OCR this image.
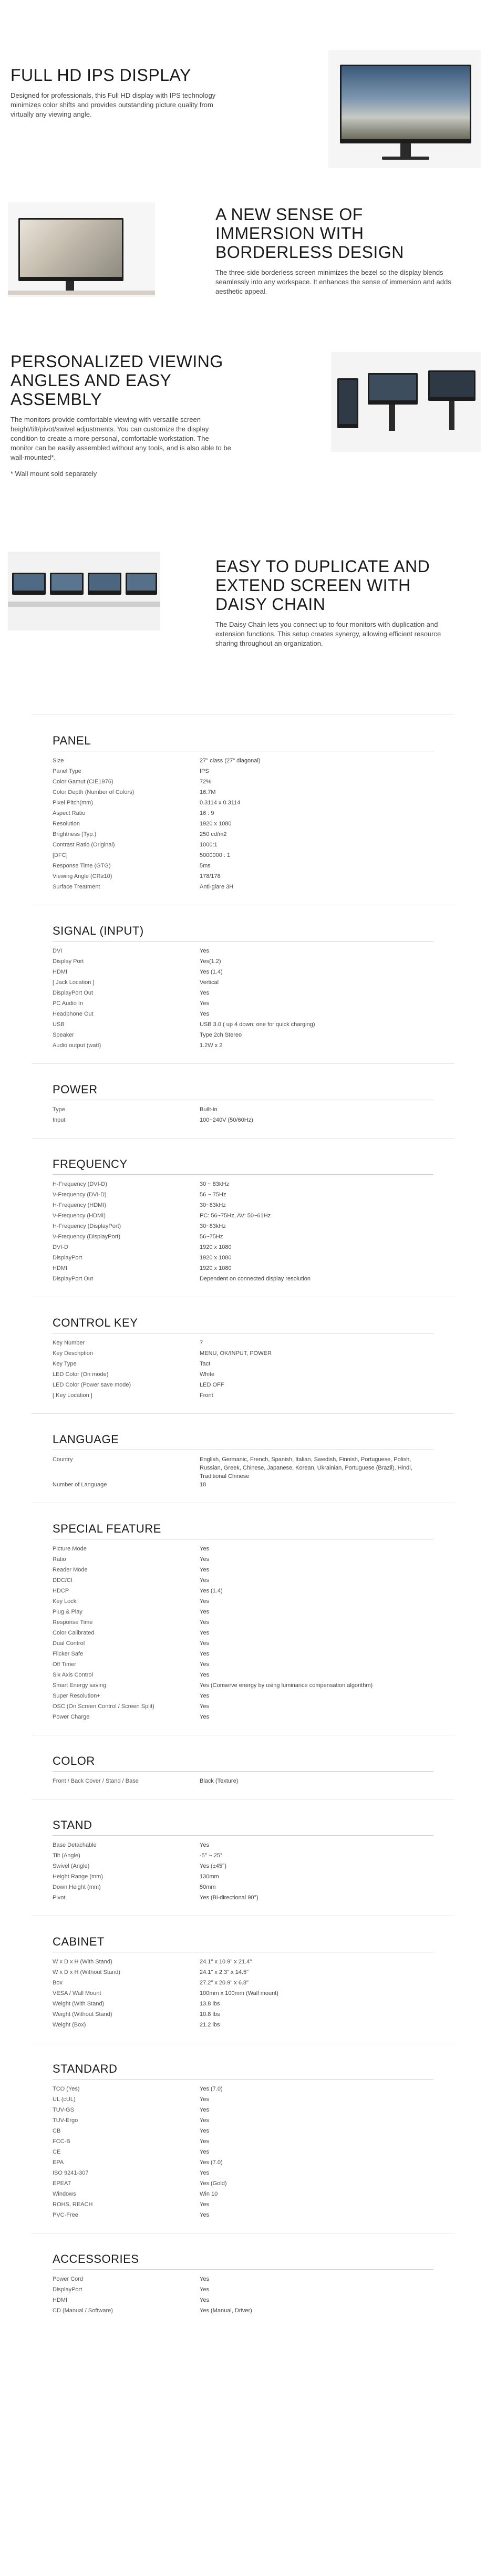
FULL HD IPS DISPLAY

Designed for professionals, this Full HD display with IPS technology minimizes color shifts and provides outstanding picture quality from virtually any viewing angle.

A NEW SENSE OF IMMERSION WITH BORDERLESS DESIGN

The three-side borderless screen minimizes the bezel so the display blends seamlessly into any workspace. It enhances the sense of immersion and adds aesthetic appeal.

PERSONALIZED VIEWING ANGLES AND EASY ASSEMBLY

The monitors provide comfortable viewing with versatile screen height/tilt/pivot/swivel adjustments. You can customize the display condition to create a more personal, comfortable workstation. The monitor can be easily assembled without any tools, and is also able to be wall-mounted*.

* Wall mount sold separately
EASY TO DUPLICATE AND EXTEND SCREEN WITH DAISY CHAIN

The Daisy Chain lets you connect up to four monitors with duplication and extension functions. This setup creates synergy, allowing efficient resource sharing throughout an organization.

PANEL
Size	27" class (27" diagonal)
Panel Type	IPS
Color Gamut (CIE1976)	72%
Color Depth (Number of Colors)	16.7M
Pixel Pitch(mm)	0.3114 x 0.3114
Aspect Ratio	16 : 9
Resolution	1920 x 1080
Brightness (Typ.)	250 cd/m2
Contrast Ratio (Original)	1000:1
[DFC]	5000000 : 1
Response Time (GTG)	5ms
Viewing Angle (CR≥10)	178/178
Surface Treatment	Anti-glare 3H
SIGNAL (INPUT)
DVI	Yes
Display Port	Yes(1.2)
HDMI	Yes (1.4)
[ Jack Location ]	Vertical
DisplayPort Out	Yes
PC Audio In	Yes
Headphone Out	Yes
USB	USB 3.0 ( up 4 down: one for quick charging)
Speaker	Type 2ch Stereo
Audio output (watt)	1.2W x 2
POWER
Type	Built-in
Input	100~240V (50/60Hz)
FREQUENCY
H-Frequency (DVI-D)	30 ~ 83kHz
V-Frequency (DVI-D)	56 ~ 75Hz
H-Frequency (HDMI)	30~83kHz
V-Frequency (HDMI)	PC: 56~75Hz, AV: 50~61Hz
H-Frequency (DisplayPort)	30~83kHz
V-Frequency (DisplayPort)	56~75Hz
DVI-D	1920 x 1080
DisplayPort	1920 x 1080
HDMI	1920 x 1080
DisplayPort Out	Dependent on connected display resolution
CONTROL KEY
Key Number	7
Key Description	MENU, OK/INPUT, POWER
Key Type	Tact
LED Color (On mode)	White
LED Color (Power save mode)	LED OFF
[ Key Location ]	Front
LANGUAGE
Country	English, Germanic, French, Spanish, Italian, Swedish, Finnish, Portuguese, Polish, Russian, Greek, Chinese, Japanese, Korean, Ukrainian, Portuguese (Brazil), Hindi, Traditional Chinese
Number of Language	18
SPECIAL FEATURE
Picture Mode	Yes
Ratio	Yes
Reader Mode	Yes
DDC/CI	Yes
HDCP	Yes (1.4)
Key Lock	Yes
Plug & Play	Yes
Response Time	Yes
Color Calibrated	Yes
Dual Control	Yes
Flicker Safe	Yes
Off Timer	Yes
Six Axis Control	Yes
Smart Energy saving	Yes (Conserve energy by using luminance compensation algorithm)
Super Resolution+	Yes
OSC (On Screen Control / Screen Split)	Yes
Power Charge	Yes
COLOR
Front / Back Cover / Stand / Base	Black (Texture)
STAND
Base Detachable	Yes
Tilt (Angle)	-5° ~ 25°
Swivel (Angle)	Yes (±45°)
Height Range (mm)	130mm
Down Height (mm)	50mm
Pivot	Yes (Bi-directional 90°)
CABINET
W x D x H (With Stand)	24.1" x 10.9" x 21.4"
W x D x H (Without Stand)	24.1" x 2.3" x 14.5"
Box	27.2" x 20.9" x 6.8"
VESA / Wall Mount	100mm x 100mm (Wall mount)
Weight (With Stand)	13.8 lbs
Weight (Without Stand)	10.8 lbs
Weight (Box)	21.2 lbs
STANDARD
TCO (Yes)	Yes (7.0)
UL (cUL)	Yes
TUV-GS	Yes
TUV-Ergo	Yes
CB	Yes
FCC-B	Yes
CE	Yes
EPA	Yes (7.0)
ISO 9241-307	Yes
EPEAT	Yes (Gold)
Windows	Win 10
ROHS, REACH	Yes
PVC-Free	Yes
ACCESSORIES
Power Cord	Yes
DisplayPort	Yes
HDMI	Yes
CD (Manual / Software)	Yes (Manual, Driver)
